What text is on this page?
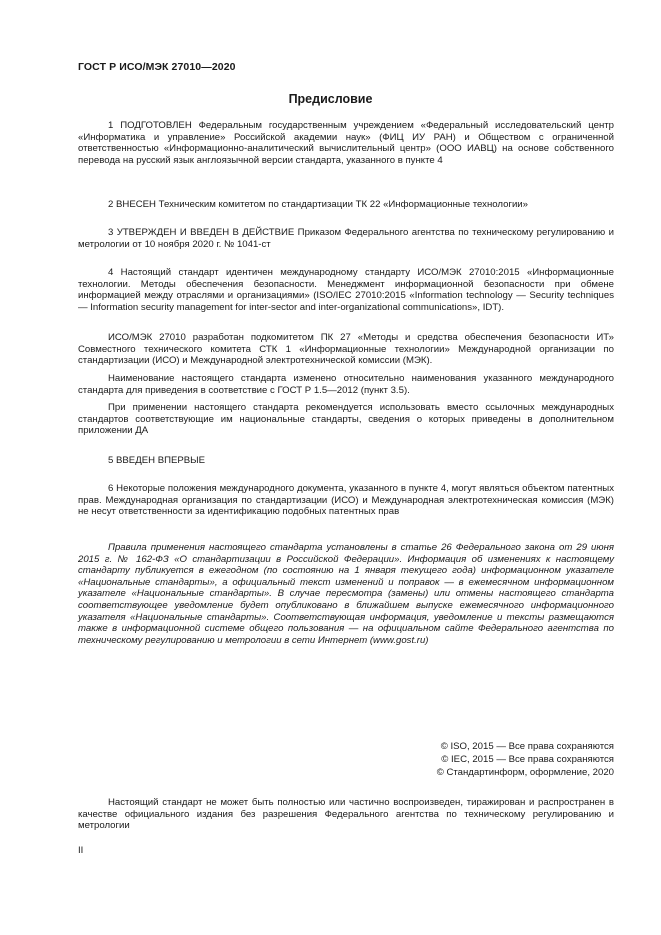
ГОСТ Р ИСО/МЭК 27010—2020
Предисловие

1 ПОДГОТОВЛЕН Федеральным государственным учреждением «Федеральный исследовательский центр «Информатика и управление» Российской академии наук» (ФИЦ ИУ РАН) и Обществом с ограниченной ответственностью «Информационно-аналитический вычислительный центр» (ООО ИАВЦ) на основе собственного перевода на русский язык англоязычной версии стандарта, указанного в пункте 4

2 ВНЕСЕН Техническим комитетом по стандартизации ТК 22 «Информационные технологии»

3 УТВЕРЖДЕН И ВВЕДЕН В ДЕЙСТВИЕ Приказом Федерального агентства по техническому регулированию и метрологии от 10 ноября 2020 г. № 1041-ст

4 Настоящий стандарт идентичен международному стандарту ИСО/МЭК 27010:2015 «Информационные технологии. Методы обеспечения безопасности. Менеджмент информационной безопасности при обмене информацией между отраслями и организациями» (ISO/IEC 27010:2015 «Information technology — Security techniques — Information security management for inter-sector and inter-organizational communications», IDT).

ИСО/МЭК 27010 разработан подкомитетом ПК 27 «Методы и средства обеспечения безопасности ИТ» Совместного технического комитета СТК 1 «Информационные технологии» Международной организации по стандартизации (ИСО) и Международной электротехнической комиссии (МЭК).

Наименование настоящего стандарта изменено относительно наименования указанного международного стандарта для приведения в соответствие с ГОСТ Р 1.5—2012 (пункт 3.5).

При применении настоящего стандарта рекомендуется использовать вместо ссылочных международных стандартов соответствующие им национальные стандарты, сведения о которых приведены в дополнительном приложении ДА

5 ВВЕДЕН ВПЕРВЫЕ

6 Некоторые положения международного документа, указанного в пункте 4, могут являться объектом патентных прав. Международная организация по стандартизации (ИСО) и Международная электротехническая комиссия (МЭК) не несут ответственности за идентификацию подобных патентных прав

Правила применения настоящего стандарта установлены в статье 26 Федерального закона от 29 июня 2015 г. № 162-ФЗ «О стандартизации в Российской Федерации». Информация об изменениях к настоящему стандарту публикуется в ежегодном (по состоянию на 1 января текущего года) информационном указателе «Национальные стандарты», а официальный текст изменений и поправок — в ежемесячном информационном указателе «Национальные стандарты». В случае пересмотра (замены) или отмены настоящего стандарта соответствующее уведомление будет опубликовано в ближайшем выпуске ежемесячного информационного указателя «Национальные стандарты». Соответствующая информация, уведомление и тексты размещаются также в информационной системе общего пользования — на официальном сайте Федерального агентства по техническому регулированию и метрологии в сети Интернет (www.gost.ru)

© ISO, 2015 — Все права сохраняются
© IEC, 2015 — Все права сохраняются
© Стандартинформ, оформление, 2020

Настоящий стандарт не может быть полностью или частично воспроизведен, тиражирован и распространен в качестве официального издания без разрешения Федерального агентства по техническому регулированию и метрологии

II
